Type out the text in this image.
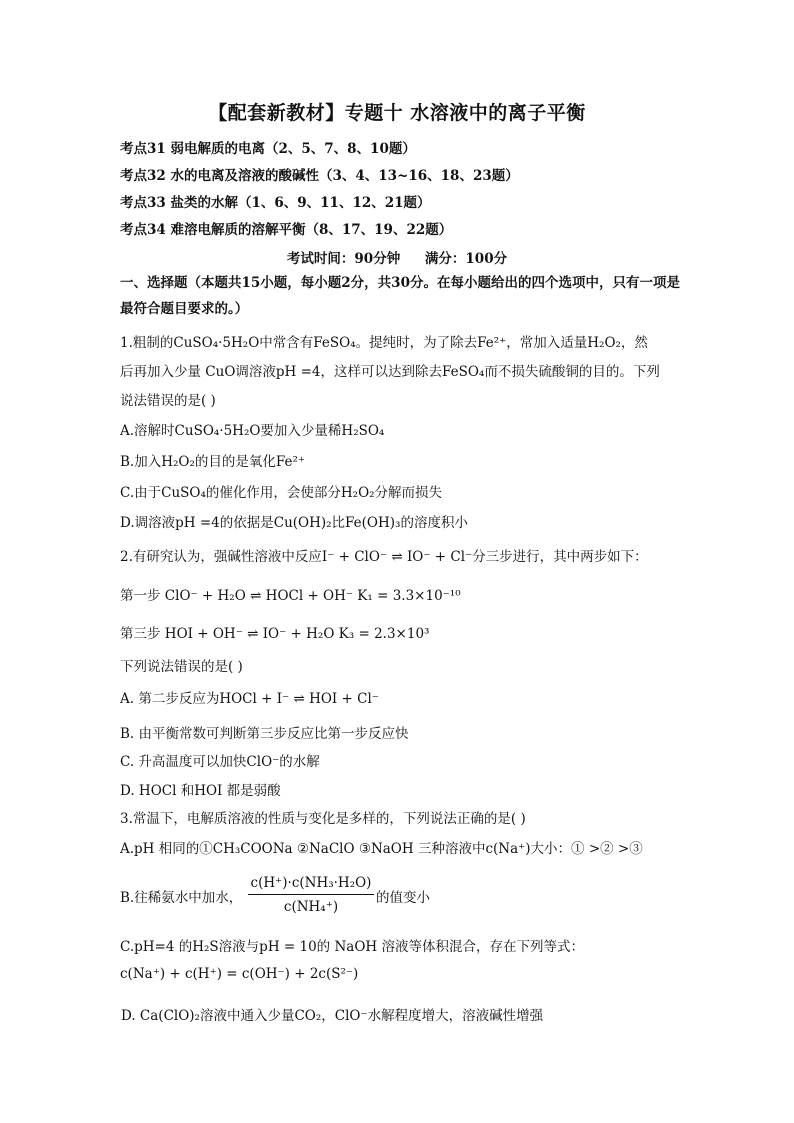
【配套新教材】专题十 水溶液中的离子平衡
考点31 弱电解质的电离（2、5、7、8、10题）
考点32 水的电离及溶液的酸碱性（3、4、13~16、18、23题）
考点33 盐类的水解（1、6、9、11、12、21题）
考点34 难溶电解质的溶解平衡（8、17、19、22题）
考试时间：90分钟 满分：100分
一、选择题（本题共15小题，每小题2分，共30分。在每小题给出的四个选项中，只有一项是最符合题目要求的。）
1.粗制的CuSO₄·5H₂O中常含有FeSO₄。提纯时，为了除去Fe²⁺，常加入适量H₂O₂，然
后再加入少量 CuO调溶液pH =4，这样可以达到除去FeSO₄而不损失硫酸铜的目的。下列
说法错误的是( )
A.溶解时CuSO₄·5H₂O要加入少量稀H₂SO₄
B.加入H₂O₂的目的是氧化Fe²⁺
C.由于CuSO₄的催化作用，会使部分H₂O₂分解而损失
D.调溶液pH =4的依据是Cu(OH)₂比Fe(OH)₃的溶度积小
2.有研究认为，强碱性溶液中反应I⁻ + ClO⁻ ⇌ IO⁻ + Cl⁻分三步进行，其中两步如下：
第一步 ClO⁻ + H₂O ⇌ HOCl + OH⁻ K₁ = 3.3×10⁻¹⁰
第三步 HOI + OH⁻ ⇌ IO⁻ + H₂O K₃ = 2.3×10³
下列说法错误的是( )
A. 第二步反应为HOCl + I⁻ ⇌ HOI + Cl⁻
B. 由平衡常数可判断第三步反应比第一步反应快
C. 升高温度可以加快ClO⁻的水解
D. HOCl 和HOI 都是弱酸
3.常温下，电解质溶液的性质与变化是多样的，下列说法正确的是( )
A.pH 相同的①CH₃COONa ②NaClO ③NaOH 三种溶液中c(Na⁺)大小：① >② >③
B.往稀氨水中加水，
c(H⁺)·c(NH₃·H₂O)
c(NH₄⁺)
的值变小
C.pH=4 的H₂S溶液与pH = 10的 NaOH 溶液等体积混合，存在下列等式：
c(Na⁺) + c(H⁺) = c(OH⁻) + 2c(S²⁻)
D. Ca(ClO)₂溶液中通入少量CO₂，ClO⁻水解程度增大，溶液碱性增强
